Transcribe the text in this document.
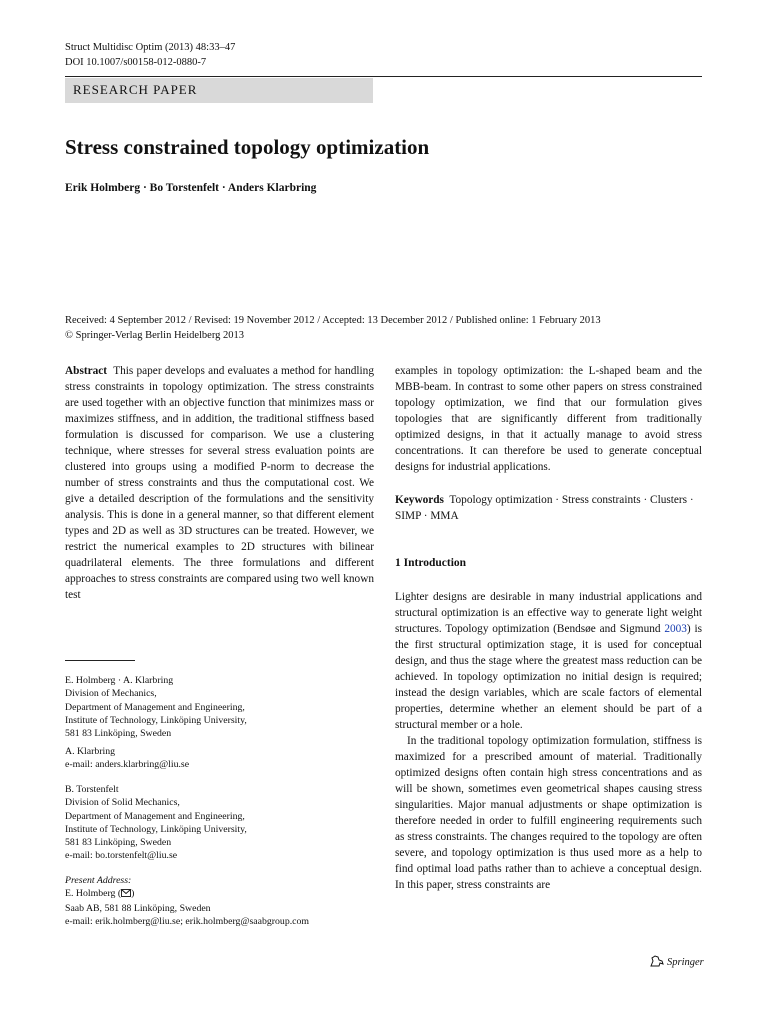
Struct Multidisc Optim (2013) 48:33–47
DOI 10.1007/s00158-012-0880-7
RESEARCH PAPER
Stress constrained topology optimization
Erik Holmberg · Bo Torstenfelt · Anders Klarbring
Received: 4 September 2012 / Revised: 19 November 2012 / Accepted: 13 December 2012 / Published online: 1 February 2013
© Springer-Verlag Berlin Heidelberg 2013

Abstract This paper develops and evaluates a method for handling stress constraints in topology optimization. The stress constraints are used together with an objective function that minimizes mass or maximizes stiffness, and in addition, the traditional stiffness based formulation is discussed for comparison. We use a clustering technique, where stresses for several stress evaluation points are clustered into groups using a modified P-norm to decrease the number of stress constraints and thus the computational cost. We give a detailed description of the formulations and the sensitivity analysis. This is done in a general manner, so that different element types and 2D as well as 3D structures can be treated. However, we restrict the numerical examples to 2D structures with bilinear quadrilateral elements. The three formulations and different approaches to stress constraints are compared using two well known test

examples in topology optimization: the L-shaped beam and the MBB-beam. In contrast to some other papers on stress constrained topology optimization, we find that our formulation gives topologies that are significantly different from traditionally optimized designs, in that it actually manage to avoid stress concentrations. It can therefore be used to generate conceptual designs for industrial applications.

Keywords Topology optimization · Stress constraints · Clusters · SIMP · MMA
1 Introduction

Lighter designs are desirable in many industrial applications and structural optimization is an effective way to generate light weight structures. Topology optimization (Bendsøe and Sigmund 2003) is the first structural optimization stage, it is used for conceptual design, and thus the stage where the greatest mass reduction can be achieved. In topology optimization no initial design is required; instead the design variables, which are scale factors of elemental properties, determine whether an element should be part of a structural member or a hole.

In the traditional topology optimization formulation, stiffness is maximized for a prescribed amount of material. Traditionally optimized designs often contain high stress concentrations and as will be shown, sometimes even geometrical shapes causing stress singularities. Major manual adjustments or shape optimization is therefore needed in order to fulfill engineering requirements such as stress constraints. The changes required to the topology are often severe, and topology optimization is thus used more as a help to find optimal load paths rather than to achieve a conceptual design. In this paper, stress constraints are

E. Holmberg · A. Klarbring
Division of Mechanics,
Department of Management and Engineering,
Institute of Technology, Linköping University,
581 83 Linköping, Sweden
A. Klarbring
e-mail: anders.klarbring@liu.se
B. Torstenfelt
Division of Solid Mechanics,
Department of Management and Engineering,
Institute of Technology, Linköping University,
581 83 Linköping, Sweden
e-mail: bo.torstenfelt@liu.se
Present Address:
E. Holmberg ( )
Saab AB, 581 88 Linköping, Sweden
e-mail: erik.holmberg@liu.se; erik.holmberg@saabgroup.com
Springer
